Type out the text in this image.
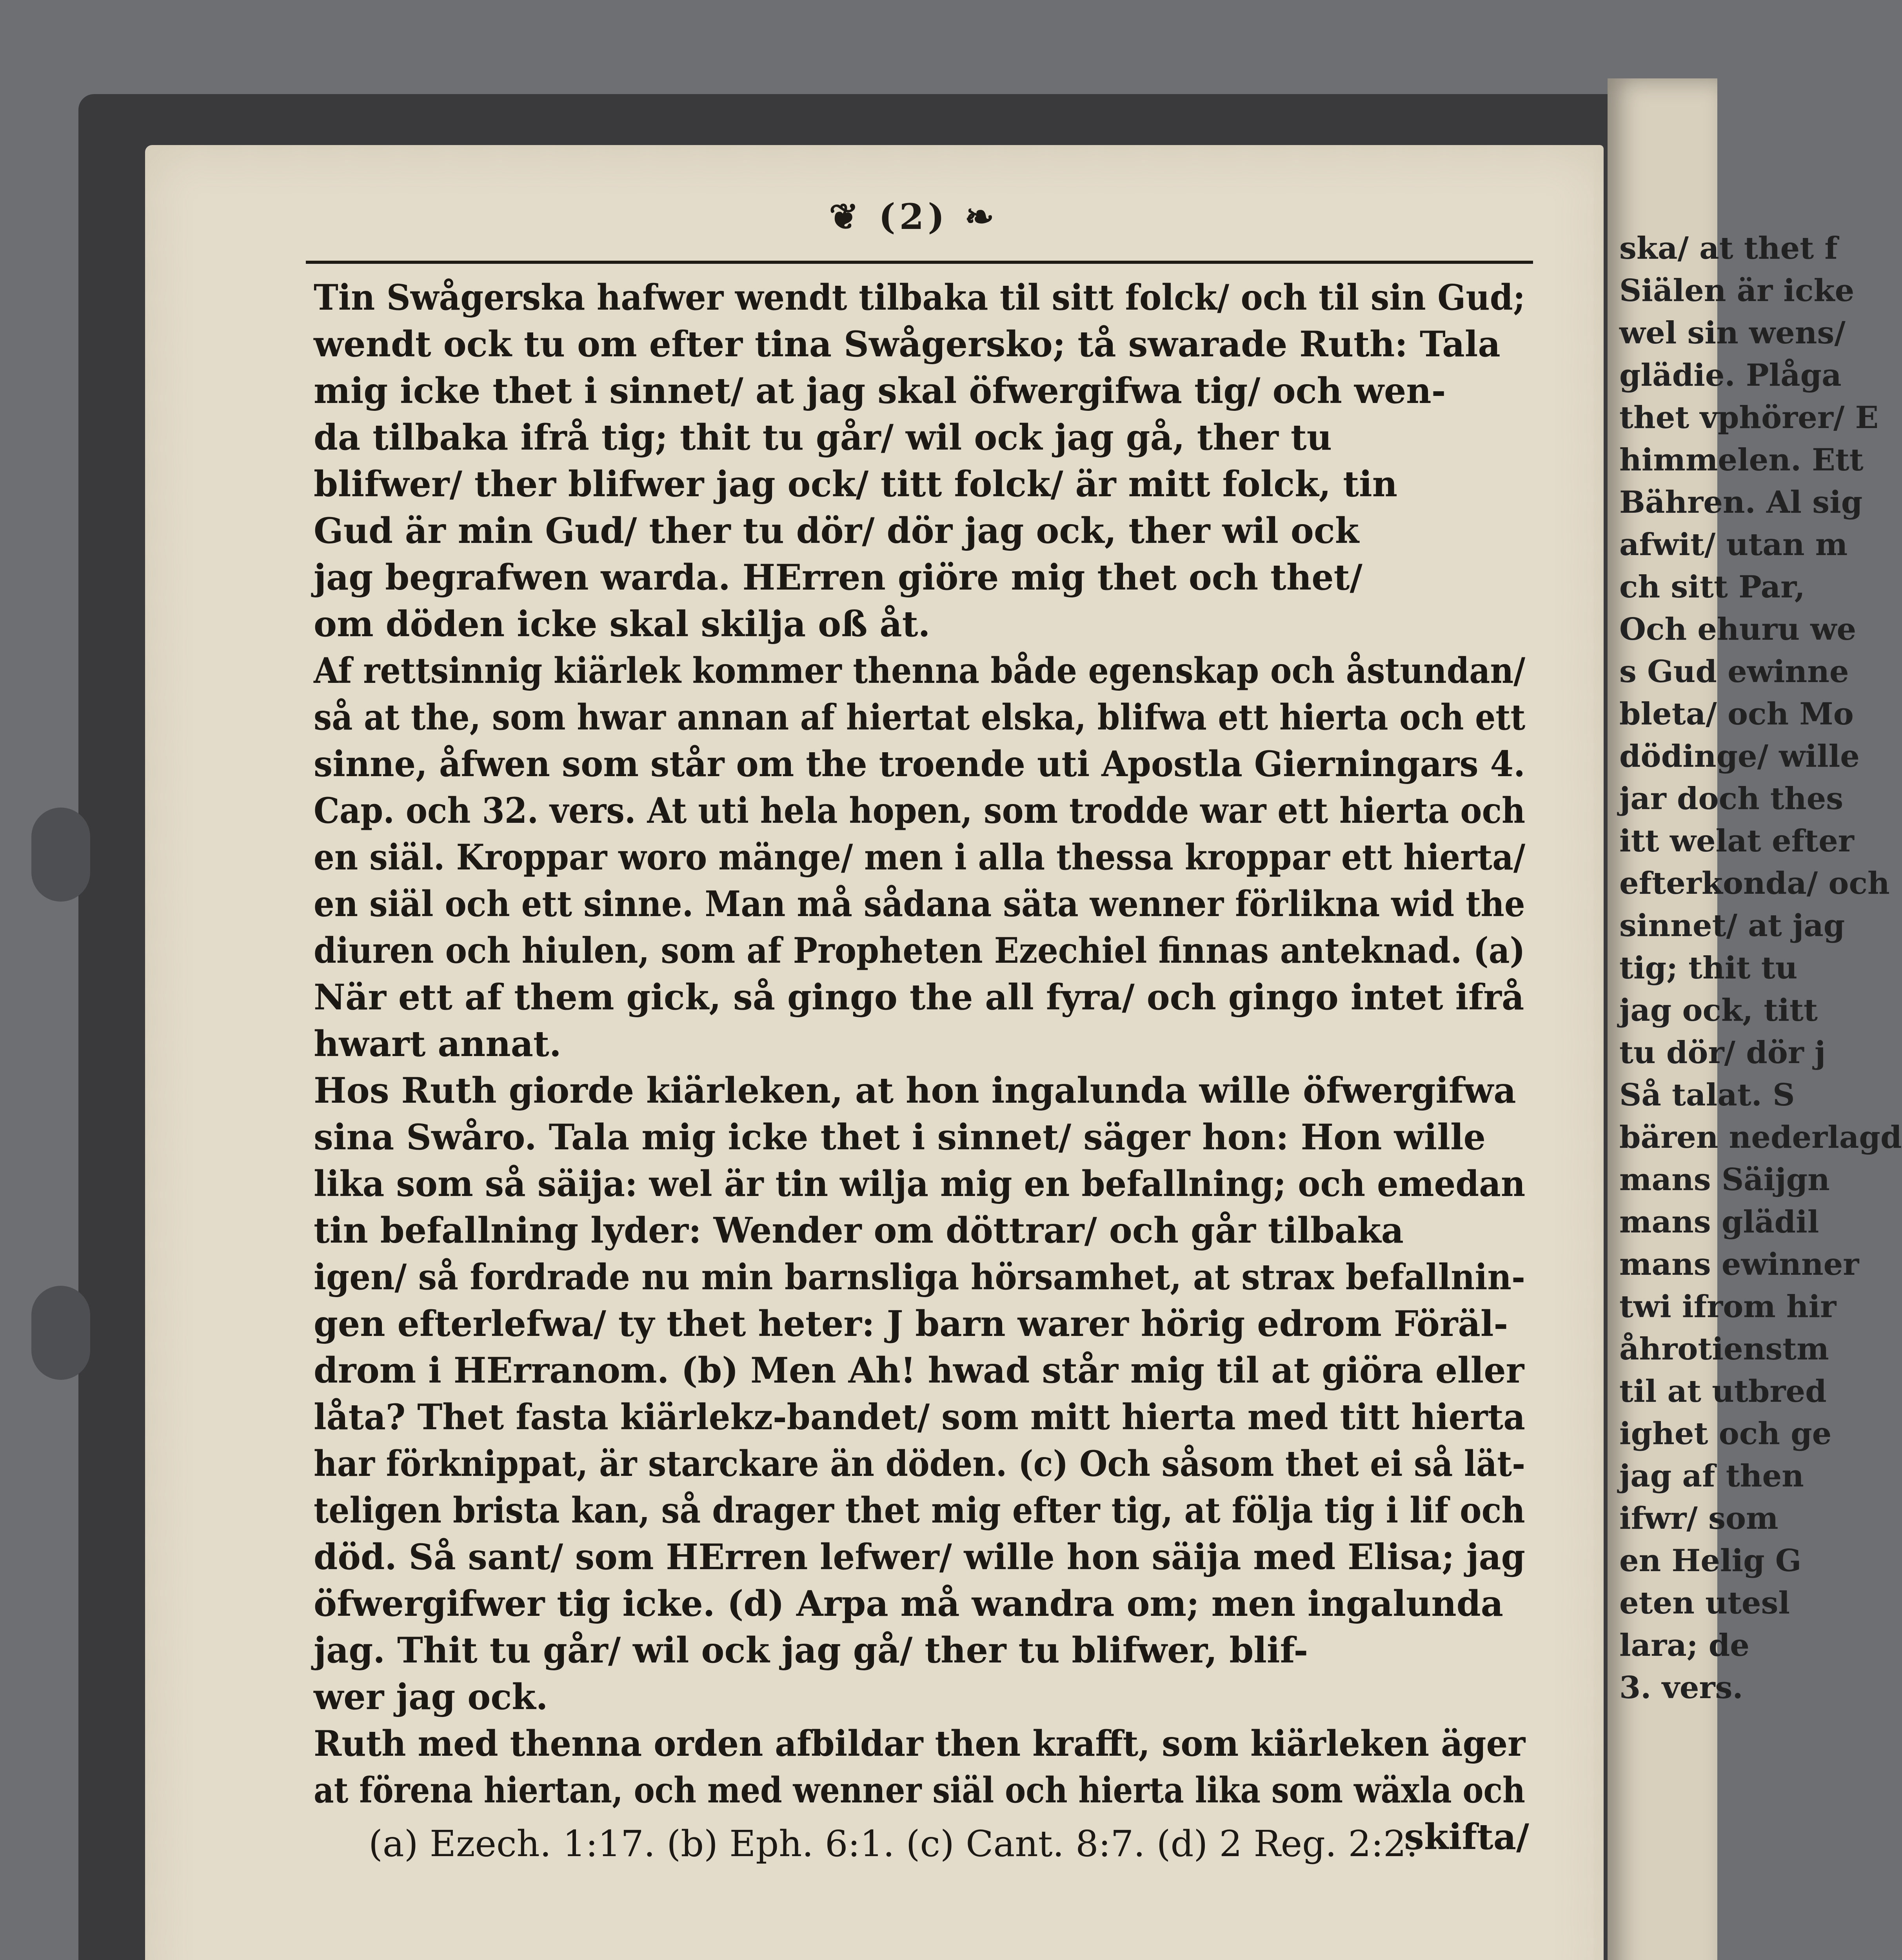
❦ (2) ❧
Tin Swågerska hafwer wendt tilbaka til sitt folck/ och til sin Gud;
wendt ock tu om efter tina Swågersko; tå swarade Ruth: Tala
mig icke thet i sinnet/ at jag skal öfwergifwa tig/ och wen-
da tilbaka ifrå tig; thit tu går/ wil ock jag gå, ther tu
blifwer/ ther blifwer jag ock/ titt folck/ är mitt folck, tin
Gud är min Gud/ ther tu dör/ dör jag ock, ther wil ock
jag begrafwen warda. HErren giöre mig thet och thet/
om döden icke skal skilja oß åt.
Af rettsinnig kiärlek kommer thenna både egenskap och åstundan/
så at the, som hwar annan af hiertat elska, blifwa ett hierta och ett
sinne, åfwen som står om the troende uti Apostla Gierningars 4.
Cap. och 32. vers. At uti hela hopen, som trodde war ett hierta och
en siäl. Kroppar woro mänge/ men i alla thessa kroppar ett hierta/
en siäl och ett sinne. Man må sådana säta wenner förlikna wid the
diuren och hiulen, som af Propheten Ezechiel finnas anteknad. (a)
När ett af them gick, så gingo the all fyra/ och gingo intet ifrå
hwart annat.
Hos Ruth giorde kiärleken, at hon ingalunda wille öfwergifwa
sina Swåro. Tala mig icke thet i sinnet/ säger hon: Hon wille
lika som så säija: wel är tin wilja mig en befallning; och emedan
tin befallning lyder: Wender om döttrar/ och går tilbaka
igen/ så fordrade nu min barnsliga hörsamhet, at strax befallnin-
gen efterlefwa/ ty thet heter: J barn warer hörig edrom Föräl-
drom i HErranom. (b) Men Ah! hwad står mig til at giöra eller
låta? Thet fasta kiärlekz-bandet/ som mitt hierta med titt hierta
har förknippat, är starckare än döden. (c) Och såsom thet ei så lät-
teligen brista kan, så drager thet mig efter tig, at följa tig i lif och
död. Så sant/ som HErren lefwer/ wille hon säija med Elisa; jag
öfwergifwer tig icke. (d) Arpa må wandra om; men ingalunda
jag. Thit tu går/ wil ock jag gå/ ther tu blifwer, blif-
wer jag ock.
Ruth med thenna orden afbildar then krafft, som kiärleken äger
at förena hiertan, och med wenner siäl och hierta lika som wäxla och
skifta/
(a) Ezech. 1:17. (b) Eph. 6:1. (c) Cant. 8:7. (d) 2 Reg. 2:2.
ska/ at thet f
Siälen är icke
wel sin wens/
glädie. Plåga
thet vphörer/ E
himmelen. Ett
Bähren. Al sig
afwit/ utan m
ch sitt Par,
Och ehuru we
s Gud ewinne
bleta/ och Mo
dödinge/ wille
jar doch thes
itt welat efter
efterkonda/ och
sinnet/ at jag
tig; thit tu
jag ock, titt
tu dör/ dör j
Så talat. S
bären nederlagd
mans Säijgn
mans glädil
mans ewinner
twi ifrom hir
åhrotienstm
til at utbred
ighet och ge
jag af then
ifwr/ som
en Helig G
eten utesl
lara; de
3. vers.
